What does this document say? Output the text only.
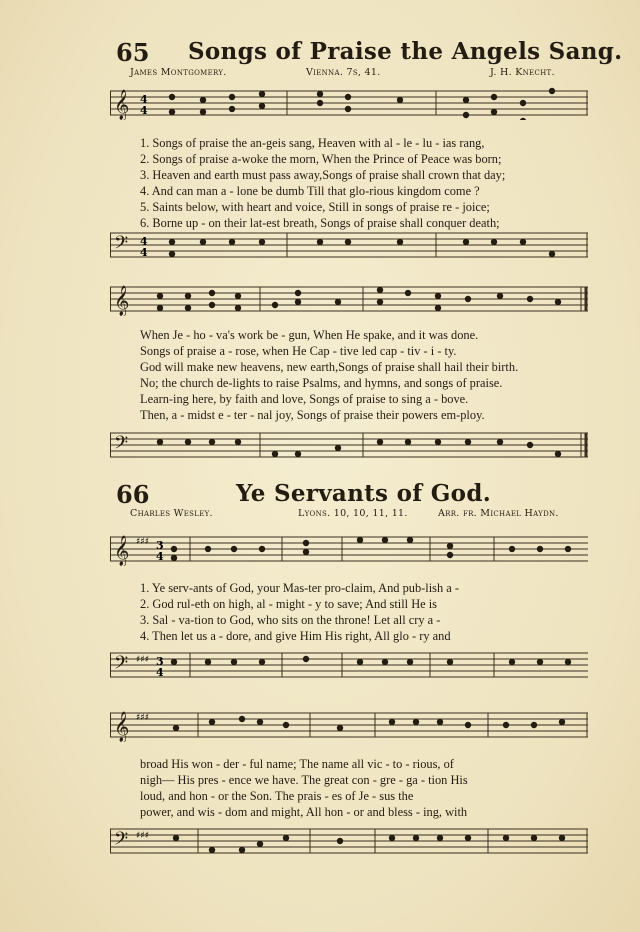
65 Songs of Praise the Angels Sang.
James Montgomery.	Vienna. 7s, 41.	J. H. Knecht.
𝄞 4
4
1. Songs of praise the an-geis sang, Heaven with al - le - lu - ias rang,
2. Songs of praise a-woke the morn, When the Prince of Peace was born;
3. Heaven and earth must pass away,Songs of praise shall crown that day;
4. And can man a - lone be dumb Till that glo-rious kingdom come ?
5. Saints below, with heart and voice, Still in songs of praise re - joice;
6. Borne up - on their lat-est breath, Songs of praise shall conquer death;
𝄢 4
4
𝄞
When Je - ho - va's work be - gun, When He spake, and it was done.
Songs of praise a - rose, when He Cap - tive led cap - tiv - i - ty.
God will make new heavens, new earth,Songs of praise shall hail their birth.
No; the church de-lights to raise Psalms, and hymns, and songs of praise.
Learn-ing here, by faith and love, Songs of praise to sing a - bove.
Then, a - midst e - ter - nal joy, Songs of praise their powers em-ploy.
𝄢
66	Ye Servants of God.
Charles Wesley.	Lyons. 10, 10, 11, 11.	Arr. fr. Michael Haydn.
𝄞 ♯♯♯ 3
4
1. Ye serv-ants of God, your Mas-ter pro-claim, And pub-lish a -
2. God rul-eth on high, al - might - y to save; And still He is
3. Sal - va-tion to God, who sits on the throne! Let all cry a -
4. Then let us a - dore, and give Him His right, All glo - ry and
𝄢 ♯♯♯ 3
4
𝄞 ♯♯♯
broad His won - der - ful name; The name all vic - to - rious, of
nigh— His pres - ence we have. The great con - gre - ga - tion His
loud, and hon - or the Son. The prais - es of Je - sus the
power, and wis - dom and might, All hon - or and bless - ing, with
𝄢 ♯♯♯
